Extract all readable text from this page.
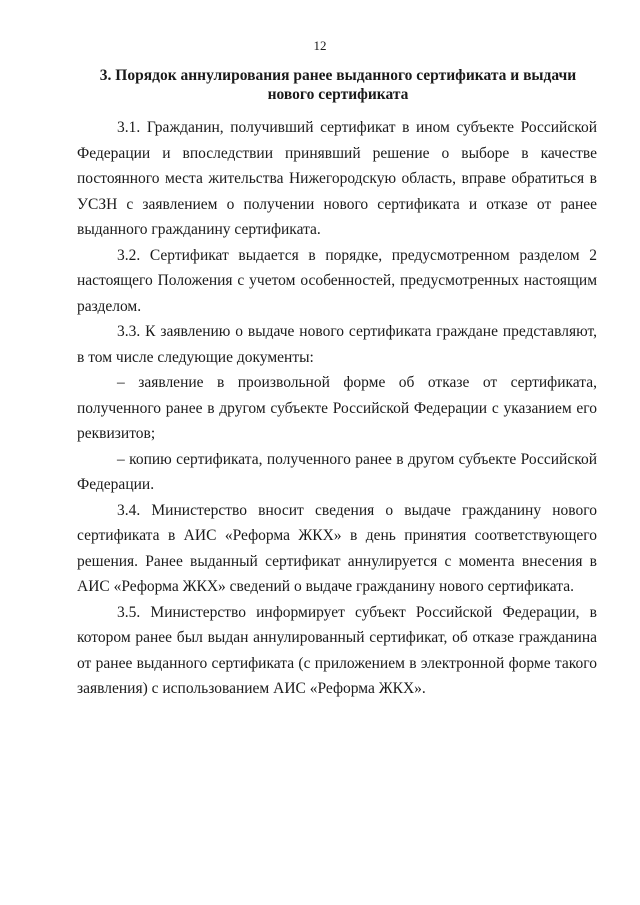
12
3. Порядок аннулирования ранее выданного сертификата и выдачи нового сертификата

3.1. Гражданин, получивший сертификат в ином субъекте Российской Федерации и впоследствии принявший решение о выборе в качестве постоянного места жительства Нижегородскую область, вправе обратиться в УСЗН с заявлением о получении нового сертификата и отказе от ранее выданного гражданину сертификата.

3.2. Сертификат выдается в порядке, предусмотренном разделом 2 настоящего Положения с учетом особенностей, предусмотренных настоящим разделом.

3.3. К заявлению о выдаче нового сертификата граждане представляют, в том числе следующие документы:

– заявление в произвольной форме об отказе от сертификата, полученного ранее в другом субъекте Российской Федерации с указанием его реквизитов;

– копию сертификата, полученного ранее в другом субъекте Российской Федерации.

3.4. Министерство вносит сведения о выдаче гражданину нового сертификата в АИС «Реформа ЖКХ» в день принятия соответствующего решения. Ранее выданный сертификат аннулируется с момента внесения в АИС «Реформа ЖКХ» сведений о выдаче гражданину нового сертификата.

3.5. Министерство информирует субъект Российской Федерации, в котором ранее был выдан аннулированный сертификат, об отказе гражданина от ранее выданного сертификата (с приложением в электронной форме такого заявления) с использованием АИС «Реформа ЖКХ».
